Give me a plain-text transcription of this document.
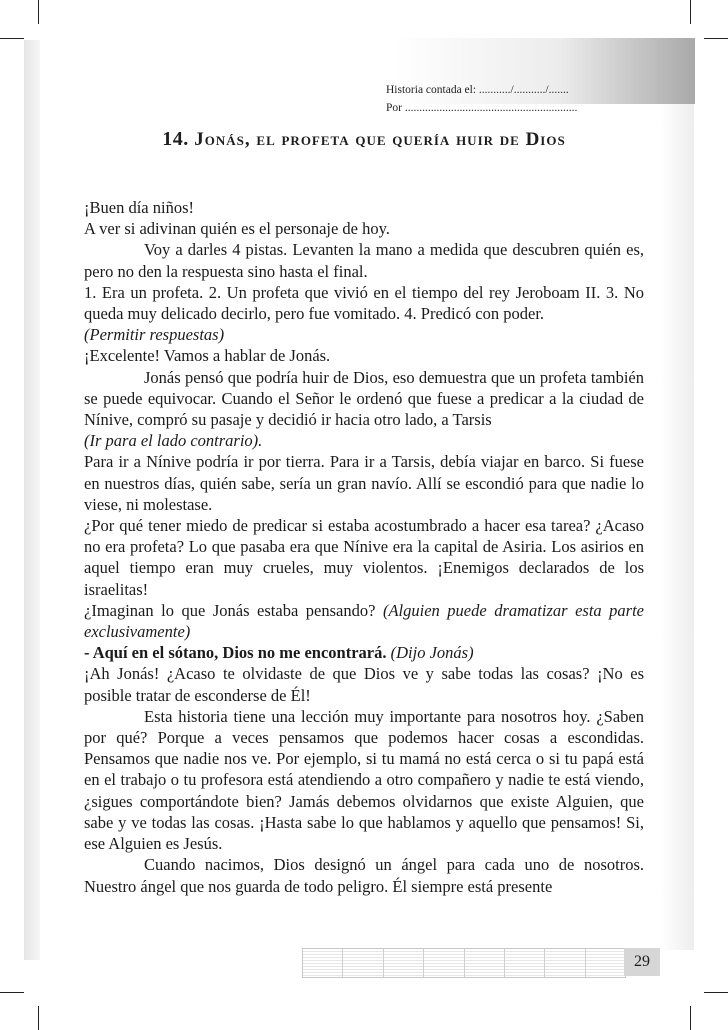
Historia contada el: .........../.........../.......
Por ............................................................
14. Jonás, el profeta que quería huir de Dios

¡Buen día niños!

A ver si adivinan quién es el personaje de hoy.

Voy a darles 4 pistas. Levanten la mano a medida que descubren quién es, pero no den la respuesta sino hasta el final.

1. Era un profeta. 2. Un profeta que vivió en el tiempo del rey Jeroboam II. 3. No queda muy delicado decirlo, pero fue vomitado. 4. Predicó con poder.

(Permitir respuestas)

¡Excelente! Vamos a hablar de Jonás.

Jonás pensó que podría huir de Dios, eso demuestra que un profeta también se puede equivocar. Cuando el Señor le ordenó que fuese a predicar a la ciudad de Nínive, compró su pasaje y decidió ir hacia otro lado, a Tarsis

(Ir para el lado contrario).

Para ir a Nínive podría ir por tierra. Para ir a Tarsis, debía viajar en barco. Si fuese en nuestros días, quién sabe, sería un gran navío. Allí se escondió para que nadie lo viese, ni molestase.

¿Por qué tener miedo de predicar si estaba acostumbrado a hacer esa tarea? ¿Acaso no era profeta? Lo que pasaba era que Nínive era la capital de Asiria. Los asirios en aquel tiempo eran muy crueles, muy violentos. ¡Enemigos declarados de los israelitas!

¿Imaginan lo que Jonás estaba pensando? (Alguien puede dramatizar esta parte exclusivamente)

- Aquí en el sótano, Dios no me encontrará. (Dijo Jonás)

¡Ah Jonás! ¿Acaso te olvidaste de que Dios ve y sabe todas las cosas? ¡No es posible tratar de esconderse de Él!

Esta historia tiene una lección muy importante para nosotros hoy. ¿Saben por qué? Porque a veces pensamos que podemos hacer cosas a escondidas. Pensamos que nadie nos ve. Por ejemplo, si tu mamá no está cerca o si tu papá está en el trabajo o tu profesora está atendiendo a otro compañero y nadie te está viendo, ¿sigues comportándote bien? Jamás debemos olvidarnos que existe Alguien, que sabe y ve todas las cosas. ¡Hasta sabe lo que hablamos y aquello que pensamos! Si, ese Alguien es Jesús.

Cuando nacimos, Dios designó un ángel para cada uno de nosotros. Nuestro ángel que nos guarda de todo peligro. Él siempre está presente

29
